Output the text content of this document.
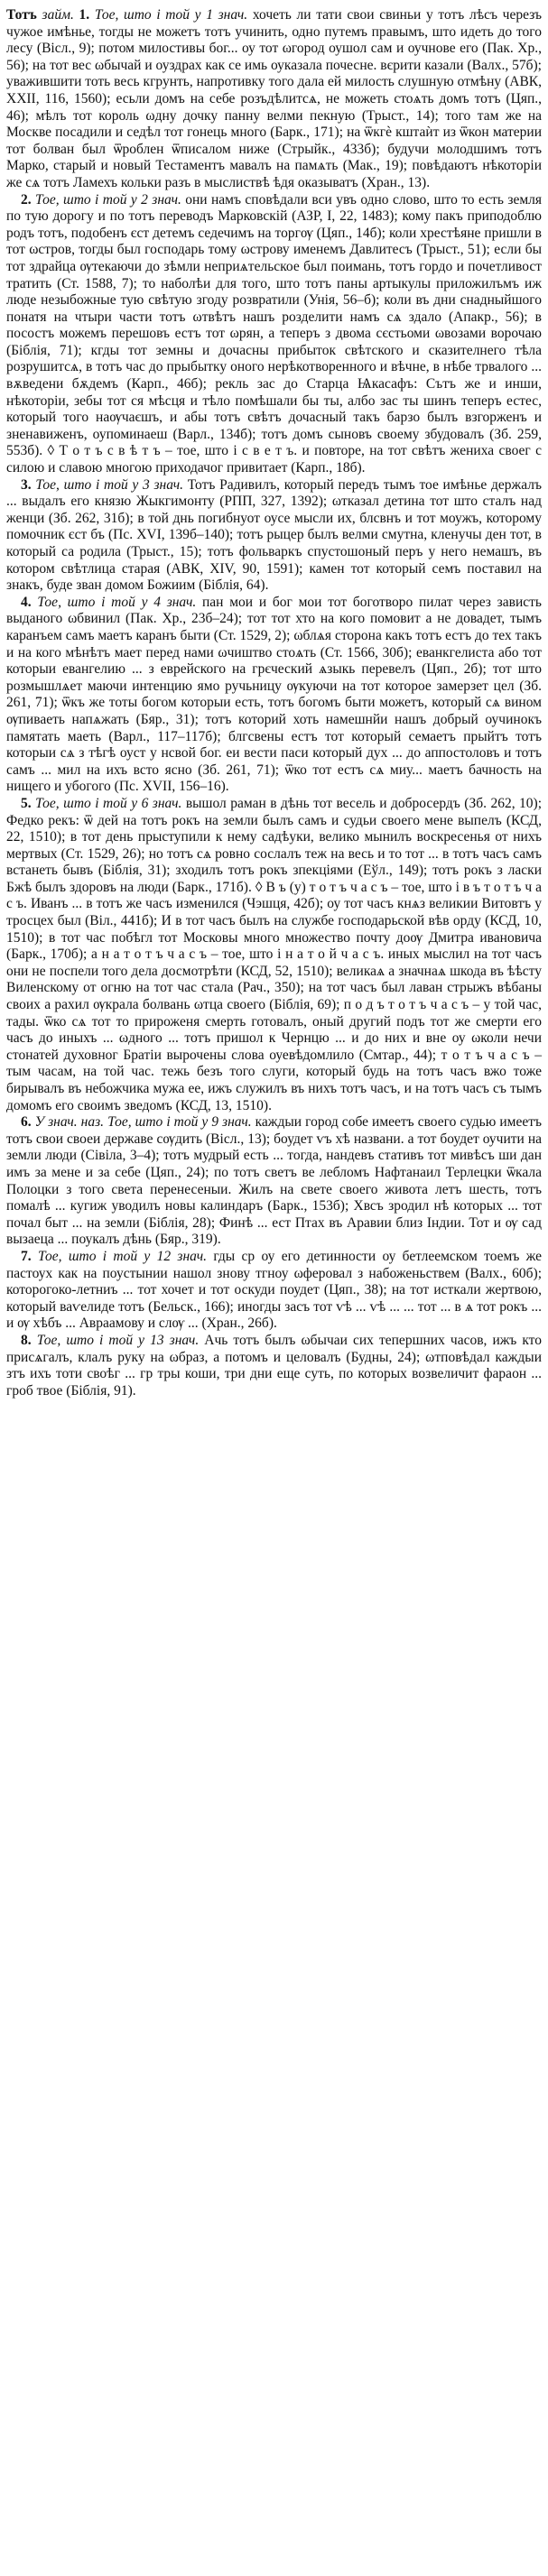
Тотъ займ. 1. Тое, што і той у 1 знач. хочеть ли тати свои свиньи у тотъ лѣсъ черезъ чужое имѣнье, тогды не можетъ тотъ учинить, одно путемъ правымъ, што идеть до того лесу (Віcл., 9); потом милостивы бог... оу тот ωгород оушол сам и оучнове его (Пак. Хр., 56); на тот вес ωбычай и оуздрах как се имь оуказала почесне. вєрити казали (Валх., 57б); уважившити тоть весь кгрунть, напротивку того дала ей милость слушную отмѣну (АВК, XXII, 116, 1560); есьли домъ на себе розъдѣлитсѧ, не можеть стоѧть домъ тотъ (Цяп., 46); мѣлъ тот король ωдну дочку панну велми пекную (Трыст., 14); того там же на Москве посадили и седѣл тот гонець много (Барк., 171); на ѿкгѐ кштаѝт из ѿкон материи тот болван был ѿроблен ѿписалом ниже (Стрыйк., 433б); будучи молодшимъ тотъ Марко, старый и новый Тестаментъ мавалъ на памѧть (Мак., 19); повѣдаютъ нѣкоторіи же сѧ тотъ Ламехъ кольки разъ в мыслиствѣ ѣдя оказыватъ (Хран., 13).

2. Тое, што і той у 2 знач. они намъ сповѣдали вси увъ одно слово, што то есть земля по тую дорогу и по тотъ переводъ Марковскій (АЗР, I, 22, 1483); кому пакъ приподоблю родъ тотъ, подобенъ єст детемъ седечимъ на торгѹ (Цяп., 14б); коли хрестѣяне пришли в тот ωстров, тогды был господарь тому ωстрову именемъ Давлитесъ (Трыст., 51); если бы тот здрайца ѹтекаючи до зѣмли неприѧтельское был поимань, тотъ гордо и почетливост тратить (Ст. 1588, 7); то наболѣи для того, што тотъ паны артыкулы приложилъмъ иж люде незыбожные тую свѣтую згоду розвратили (Унія, 56–б); коли въ дни снадныйшого понатя на чтыри части тотъ ωтвѣтъ нашъ розделити намъ сѧ здало (Апакр., 56); в посостъ можемъ перешовъ естъ тот ωрян, а теперъ з двома сєстьоми ωвозами ворочаю (Біблія, 71); кгды тот земны и дочасны прибыток свѣтского и сказителнего тѣла розрушитсѧ, в тотъ час до прыбытку оного нерѣкотворенного и вѣчне, в нѣбе трвалого ... вѫведени бѫдемъ (Карп., 46б); рекль зас до Старца Ѩкасафъ: Сътъ же и инши, нѣкоторіи, зебы тот ся мѣсця и тѣло помѣшали бы ты, албо зас ты шинъ теперъ естес, который того наѹчаєшъ, и абы тотъ свѣтъ дочасный такъ барзо былъ взгорженъ и зненавиженъ, оупоминаеш (Варл., 134б); тотъ домъ сыновъ своему збудовалъ (Зб. 259, 553б). ◊ Т о т ъ с в ѣ т ъ – тое, што і с в е т ъ. и повторе, на тот свѣтъ жениха своег с силою и славою многою приходачог привитает (Карп., 18б).

3. Тое, што і той у 3 знач. Тотъ Радивилъ, который передъ тымъ тое имѣнье держалъ ... выдалъ его князю Жыкгимонту (РПП, 327, 1392); ωтказал детина тот што сталъ над женци (Зб. 262, 31б); в той днь погибнуот оусе мысли их, блсвнъ и тот моужъ, которому помочник єст бъ (Пс. XVI, 139б–140); тотъ рыцер былъ велми смутна, кленучы ден тот, в который са родила (Трыст., 15); тотъ фольваркъ спустошоный перъ у него немашъ, въ котором свѣтлица старая (АВК, XIV, 90, 1591); камен тот который семъ поставил на знакъ, буде зван домом Божиим (Біблія, 64).

4. Тое, што і той у 4 знач. пан мои и бог мои тот боготворо пилат через зависть выданого ωбвинил (Пак. Хр., 23б–24); тот тот хто на кого помовит а не довадет, тымъ каранъем самъ маетъ каранъ быти (Ст. 1529, 2); ωблѧя сторона какъ тотъ естъ до тех такъ и на кого мѣнѣтъ мает перед нами ωчиштво стоѧть (Ст. 1566, 30б); еванкгелиста або тот которыи евангелию ... з еврейского на грєческий ѧзыкь перевелъ (Цяп., 2б); тот што розмышлѧет маючи интенцию ямо ручьницу ѹкуючи на тот которое замерзет цел (Зб. 261, 71); ѿкъ же тоты богом которыи есть, тотъ богомъ быти можетъ, который сѧ вином ѹпиваеть напѧжать (Бяр., 31); тотъ которий хоть намешнйи нашъ добрый оучинокъ памятать маеть (Варл., 117–117б); блгсвены естъ тот который семаетъ прыйтъ тотъ которыи сѧ з тѣгѣ оуст у нсвой бог. еи вести паси который дух ... до аппостоловъ и тотъ самъ ... мил на ихъ всто ясно (Зб. 261, 71); ѿко тот естъ сѧ миу... маетъ бачность на нищего и убогого (Пс. XVII, 156–16).

5. Тое, што і той у 6 знач. вышол раман в дѣнь тот весель и добросердъ (Зб. 262, 10); Федко рекъ: ѿ дей на тотъ рокъ на земли былъ самъ и судьи своего мене выпелъ (КСД, 22, 1510); в тот день прыступили к нему садѣуки, велико мынилъ воскресенья от нихъ мертвых (Ст. 1529, 26); но тотъ сѧ ровно сослалъ теж на весь и то тот ... в тотъ часъ самъ встанеть бывъ (Біблія, 31); зходилъ тотъ рокъ зпекціями (Еўл., 149); тотъ рокъ з ласки Бжѣ былъ здоровъ на люди (Барк., 171б). ◊ В ъ (у) т о т ъ ч а с ъ – тое, што і в ъ т о т ъ ч а с ъ. Иванъ ... в тотъ же часъ изменился (Чэшця, 42б); оу тот часъ кнѧз великии Витовтъ у тросцех был (Віл., 441б); И в тот часъ былъ на службе господарьской вѣв орду (КСД, 10, 1510); в тот час побѣгл тот Московы много множество почту доѹ Дмитра ивановича (Барк., 170б); а н а т о т ъ ч а с ъ – тое, што і н а т о й ч а с ъ. иных мыслил на тот часъ они не поспели того дела досмотрѣти (КСД, 52, 1510); великаѧ а значнаѧ шкода въ ѣѣсту Виленскому от огню на тот час стала (Рач., 350); на тот часъ был лаван стрыжъ вѣбаны своих а рахил ѹкрала болвань ωтца своего (Біблія, 69); п о д ъ т о т ъ ч а с ъ – у той час, тады. ѿко сѧ тот то прироженя смерть готовалъ, оный другий подъ тот же смерти его часъ до иныхъ ... ωдного ... тотъ пришол к Чернцю ... и до них и вне оу ωколи нечи стонатей духовног Братіи вырочены слова оуевѣдомлило (Смтар., 44); т о т ъ ч а с ъ – тым часам, на той час. тежь безъ того слуги, который будь на тотъ часъ вжо тоже бирывалъ въ небожчика мужа ее, ижъ служилъ въ нихъ тотъ часъ, и на тотъ часъ съ тымъ домомъ его своимъ зведомъ (КСД, 13, 1510).

6. У знач. наз. Тое, што і той у 9 знач. каждыи город собе имеетъ своего судью имеетъ тотъ свои своеи державе сѹдить (Віcл., 13); боудет ѵъ хѣ названи. а тот боудет оучити на земли люди (Сівіла, 3–4); тотъ мудрый есть ... тогда, нандевъ стативъ тот мивѣсъ ши дан имъ за мене и за себе (Цяп., 24); по тотъ светъ ве лебломъ Нафтанаил Терлецки ѿкала Полоцки з того света перенесеныи. Жилъ на свете своего живота летъ шесть, тотъ помалѣ ... кугиж уводилъ новы калиндаръ (Барк., 153б); Хвсъ зродил нѣ которых ... тот почал быт ... на земли (Біблія, 28); Финѣ ... ест Птах въ Аравии близ Індии. Тот и ѹ сад вызаеца ... поукалъ дѣнь (Бяр., 319).

7. Тое, што і той у 12 знач. гды ср оу его детинности оу бетлеемском тоемъ же пастоух как на поустынии нашол знову тгноу ωферовал з набоженьствем (Валх., 60б); которогоко-летниъ ... тот хочет и тот оскуди поудет (Цяп., 38); на тот исткали жертвою, который ваѵелиде тотъ (Бельск., 166); иногды засъ тот ѵѣ ... ѵѣ ... ... тот ... в ѧ тот рокъ ... и ѹ хѣбъ ... Авраамову и слѹ ... (Хран., 26б).

8. Тое, што і той у 13 знач. Ачь тотъ былъ ωбычаи сих тепершних часов, ижъ кто присѧгалъ, клалъ руку на ωбраз, а потомъ и целовалъ (Будны, 24); ωтповѣдал каждыи зтъ ихъ тоти своѣг ... гр тры коши, три дни еще суть, по которых возвеличит фараон ... гроб твое (Біблія, 91).
